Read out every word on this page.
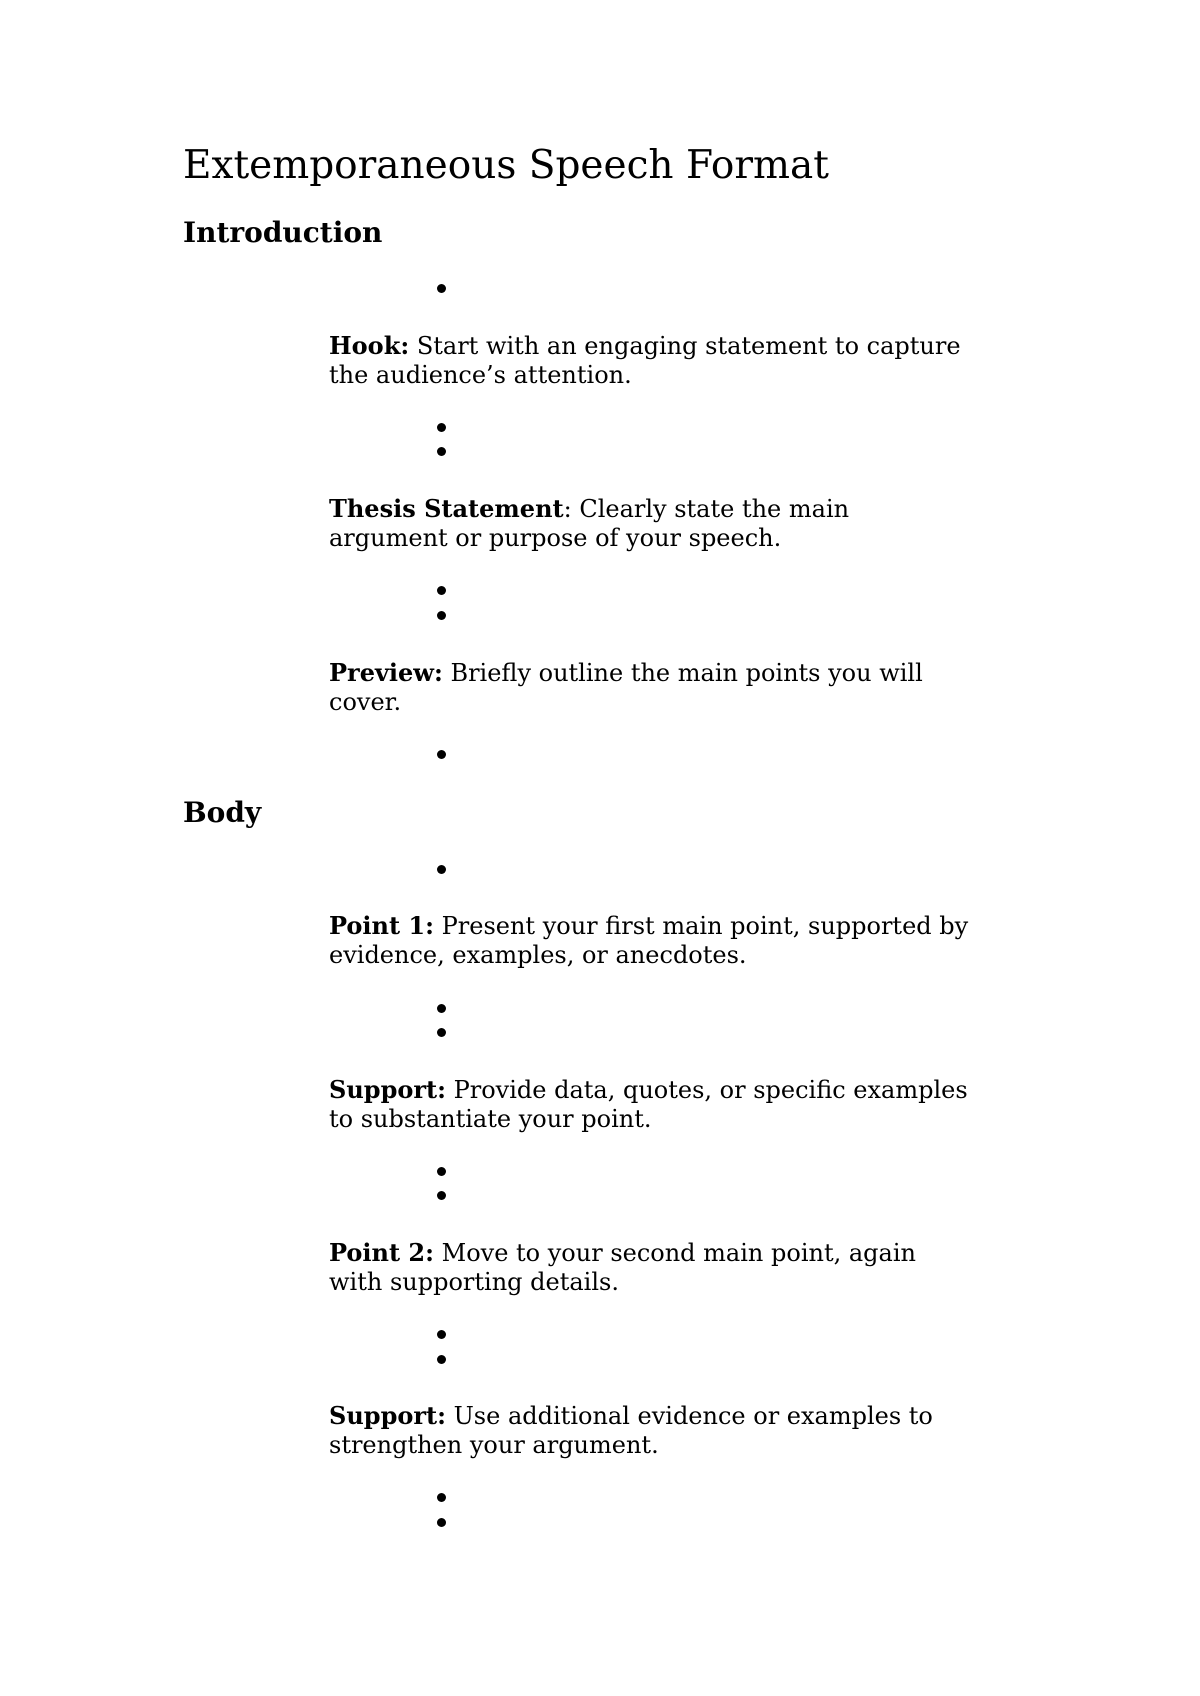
Extemporaneous Speech Format
Introduction

Hook: Start with an engaging statement to capture the audience’s attention.

Thesis Statement: Clearly state the main argument or purpose of your speech.

Preview: Briefly outline the main points you will cover.

Body

Point 1: Present your first main point, supported by evidence, examples, or anecdotes.

Support: Provide data, quotes, or specific examples to substantiate your point.

Point 2: Move to your second main point, again with supporting details.

Support: Use additional evidence or examples to strengthen your argument.
